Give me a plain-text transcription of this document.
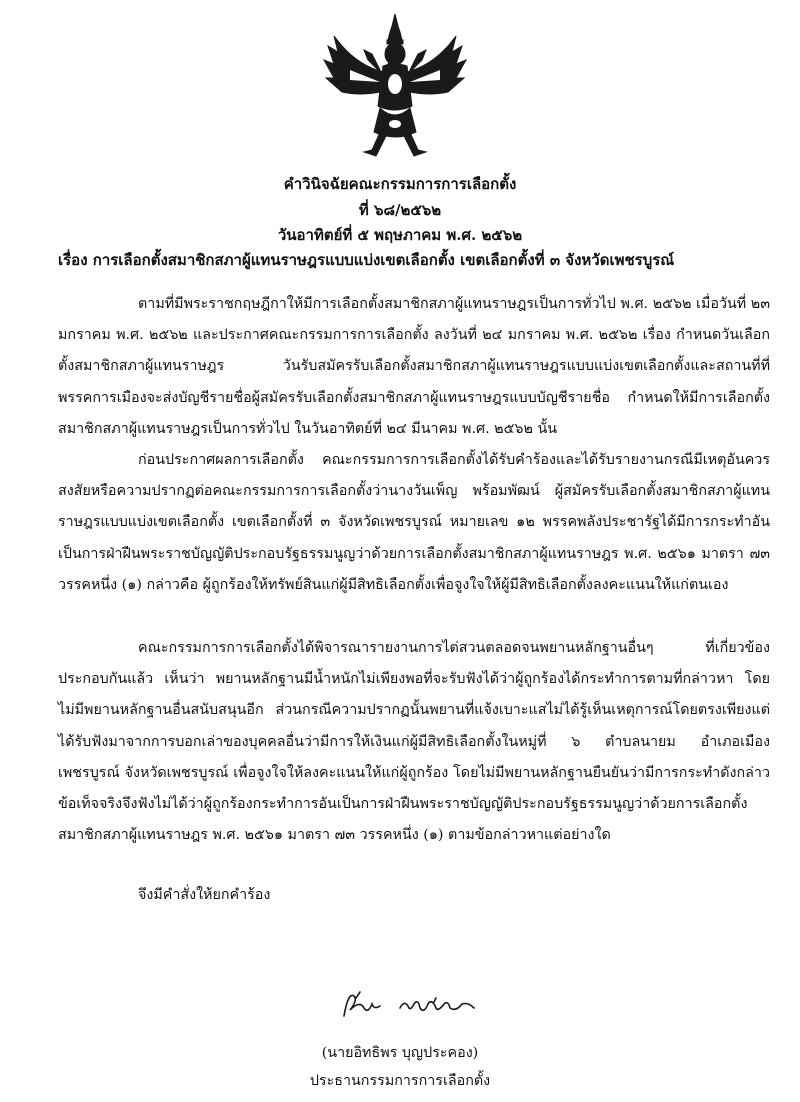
คำวินิจฉัยคณะกรรมการการเลือกตั้ง
ที่ ๖๘/๒๕๖๒
วันอาทิตย์ที่ ๕ พฤษภาคม พ.ศ. ๒๕๖๒
เรื่อง การเลือกตั้งสมาชิกสภาผู้แทนราษฎรแบบแบ่งเขตเลือกตั้ง เขตเลือกตั้งที่ ๓ จังหวัดเพชรบูรณ์

ตามที่มีพระราชกฤษฎีกาให้มีการเลือกตั้งสมาชิกสภาผู้แทนราษฎรเป็นการทั่วไป พ.ศ. ๒๕๖๒ เมื่อวันที่ ๒๓ มกราคม พ.ศ. ๒๕๖๒ และประกาศคณะกรรมการการเลือกตั้ง ลงวันที่ ๒๔ มกราคม พ.ศ. ๒๕๖๒ เรื่อง กำหนดวันเลือกตั้งสมาชิกสภาผู้แทนราษฎร วันรับสมัครรับเลือกตั้งสมาชิกสภาผู้แทนราษฎรแบบแบ่งเขตเลือกตั้งและสถานที่ที่พรรคการเมืองจะส่งบัญชีรายชื่อผู้สมัครรับเลือกตั้งสมาชิกสภาผู้แทนราษฎรแบบบัญชีรายชื่อ กำหนดให้มีการเลือกตั้งสมาชิกสภาผู้แทนราษฎรเป็นการทั่วไป ในวันอาทิตย์ที่ ๒๔ มีนาคม พ.ศ. ๒๕๖๒ นั้น

ก่อนประกาศผลการเลือกตั้ง คณะกรรมการการเลือกตั้งได้รับคำร้องและได้รับรายงานกรณีมีเหตุอันควรสงสัยหรือความปรากฏต่อคณะกรรมการการเลือกตั้งว่านางวันเพ็ญ พร้อมพัฒน์ ผู้สมัครรับเลือกตั้งสมาชิกสภาผู้แทนราษฎรแบบแบ่งเขตเลือกตั้ง เขตเลือกตั้งที่ ๓ จังหวัดเพชรบูรณ์ หมายเลข ๑๒ พรรคพลังประชารัฐได้มีการกระทำอันเป็นการฝ่าฝืนพระราชบัญญัติประกอบรัฐธรรมนูญว่าด้วยการเลือกตั้งสมาชิกสภาผู้แทนราษฎร พ.ศ. ๒๕๖๑ มาตรา ๗๓ วรรคหนึ่ง (๑) กล่าวคือ ผู้ถูกร้องให้ทรัพย์สินแก่ผู้มีสิทธิเลือกตั้งเพื่อจูงใจให้ผู้มีสิทธิเลือกตั้งลงคะแนนให้แก่ตนเอง

คณะกรรมการการเลือกตั้งได้พิจารณารายงานการไต่สวนตลอดจนพยานหลักฐานอื่นๆ ที่เกี่ยวข้องประกอบกันแล้ว เห็นว่า พยานหลักฐานมีน้ำหนักไม่เพียงพอที่จะรับฟังได้ว่าผู้ถูกร้องได้กระทำการตามที่กล่าวหา โดยไม่มีพยานหลักฐานอื่นสนับสนุนอีก ส่วนกรณีความปรากฏนั้นพยานที่แจ้งเบาะแสไม่ได้รู้เห็นเหตุการณ์โดยตรงเพียงแต่ได้รับฟังมาจากการบอกเล่าของบุคคลอื่นว่ามีการให้เงินแก่ผู้มีสิทธิเลือกตั้งในหมู่ที่ ๖ ตำบลนายม อำเภอเมืองเพชรบูรณ์ จังหวัดเพชรบูรณ์ เพื่อจูงใจให้ลงคะแนนให้แก่ผู้ถูกร้อง โดยไม่มีพยานหลักฐานยืนยันว่ามีการกระทำดังกล่าว ข้อเท็จจริงจึงฟังไม่ได้ว่าผู้ถูกร้องกระทำการอันเป็นการฝ่าฝืนพระราชบัญญัติประกอบรัฐธรรมนูญว่าด้วยการเลือกตั้งสมาชิกสภาผู้แทนราษฎร พ.ศ. ๒๕๖๑ มาตรา ๗๓ วรรคหนึ่ง (๑) ตามข้อกล่าวหาแต่อย่างใด

จึงมีคำสั่งให้ยกคำร้อง
(นายอิทธิพร บุญประคอง)
ประธานกรรมการการเลือกตั้ง
